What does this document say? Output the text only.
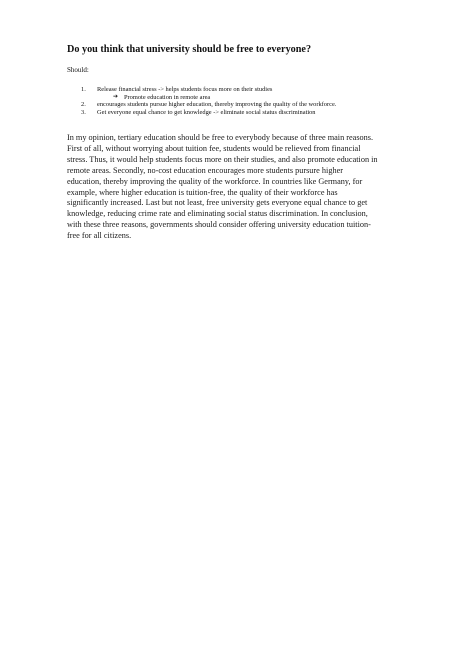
Do you think that university should be free to everyone?
Should:
1. Release financial stress -> helps students focus more on their studies
➔ Promote education in remote area
2. encourages students pursue higher education, thereby improving the quality of the workforce.
3. Get everyone equal chance to get knowledge -> eliminate social status discrimination
In my opinion, tertiary education should be free to everybody because of three main reasons.
First of all, without worrying about tuition fee, students would be relieved from financial
stress. Thus, it would help students focus more on their studies, and also promote education in
remote areas. Secondly, no-cost education encourages more students pursure higher
education, thereby improving the quality of the workforce. In countries like Germany, for
example, where higher education is tuition-free, the quality of their workforce has
significantly increased. Last but not least, free university gets everyone equal chance to get
knowledge, reducing crime rate and eliminating social status discrimination. In conclusion,
with these three reasons, governments should consider offering university education tuition-
free for all citizens.
